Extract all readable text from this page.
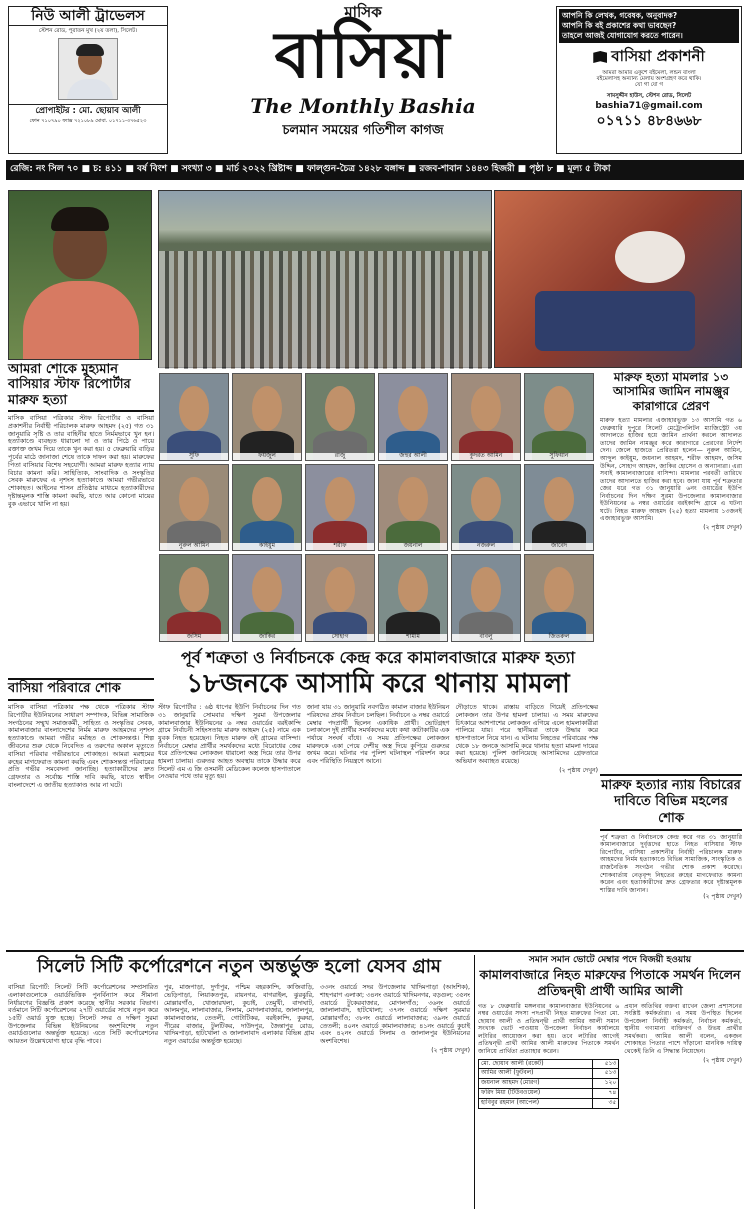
নিউ আলী ট্রাভেলস
স্টেশন রোড, পুরাতন মুখ (২য় তলা), সিলেট।
প্রোপাইটর : মো. ছোয়াব আলী
ফোন ৭১০৭৯০ ফ্যাক্স ৭২১০৮৯ মোবা. ০১৭১১-৩৭৬৫২৩
মাসিক
বাসিয়া
The Monthly Bashia
চলমান সময়ের গতিশীল কাগজ
আপনি কি লেখক, গবেষক, অনুবাদক?
আপনি কি বই প্রকাশের কথা ভাবছেন?
তাহলে আজই যোগাযোগ করতে পারেন।
বাসিয়া প্রকাশনী
আমরা আমার একুশে বইমেলা, লন্ডন বাংলা
বইমেলাসহ অন্যান্য মেলায় অংশগ্রহণ করে থাকি।
যো গা যো গ
সামসুদ্দীন হাউস, স্টেশন রোড, সিলেট
bashia71@gmail.com
০১৭১১ ৪৮৪৬৬৮
রেজি: নং সিল ৭০ ■ চ: ৪১১ ■ বর্ষ বিংশ ■ সংখ্যা ৩ ■ মার্চ ২০২২ খ্রিষ্টাব্দ ■ ফাল্গুন-চৈত্র ১৪২৮ বঙ্গাব্দ ■ রজব-শাবান ১৪৪৩ হিজরী ■ পৃষ্ঠা ৮ ■ মূল্য ৫ টাকা
আমরা শোকে মুহ্যমান বাসিয়ার স্টাফ রিপোর্টার মারুফ হত্যা
মাসিক বাসিয়া পত্রিকার স্টাফ রিপোর্টার ও বাসিয়া প্রকাশনীর নির্বাহী পরিচালক মারুফ আহমদ (২৫) গত ৩১ জানুয়ারি সৃষ্টি ও তার বাহিনীর হাতে নির্মমভাবে খুন হন। হত্যাকাণ্ডে ব্যবহৃত ধারালো দা ও তার পিঠে ও পায়ে রক্তাক্ত জখম দিয়ে তাকে খুন করা হয়। ৫ ফেব্রুয়ারি বাড়ির পূর্বের মাঠে জানাজা শেষে তাকে দাফন করা হয়। মারুফের পিতা বাসিয়ার বিশেষ সহযোগী। আমরা মারুফ হত্যার ন্যায় বিচার কামনা করি। সাহিত্যিক, সাংবাদিক ও সংস্কৃতির সেবক মারুফের এ নৃশংস হত্যাকাণ্ডে আমরা গভীরভাবে শোকাহত। আইনের শাসন প্রতিষ্ঠার মাধ্যমে হত্যাকারীদের দৃষ্টান্তমূলক শাস্তি কামনা করছি, যাতে আর কোনো মায়ের বুক এভাবে খালি না হয়।
বাসিয়া পরিবারে শোক
মাসিক বাসিয়া পত্রিকার পক্ষ থেকে পত্রিকার স্টাফ রিপোর্টার ইউনিয়নের সাধারণ সম্পাদক, বিভিন্ন সামাজিক সংগঠনের সম্মুখ সমাজকর্মী, সাহিত্য ও সংস্কৃতির সেবক, কামালবাজার বাংলাদেশের নির্মম মারুফ আহমদের নৃশংস হত্যাকাণ্ডে আমরা গভীর মর্মাহত ও শোকসন্তপ্ত। শিল্প জীবনের শুরু থেকে নিবেদিত এ তরুণের অকাল মৃত্যুতে বাসিয়া পরিবার গভীরভাবে শোকাহত। আমরা মরহুমের রুহের মাগফেরাত কামনা করছি এবং শোকসন্তপ্ত পরিবারের প্রতি গভীর সমবেদনা জানাচ্ছি। হত্যাকারীদের দ্রুত গ্রেফতার ও সর্বোচ্চ শাস্তি দাবি করছি, যাতে স্বাধীন বাংলাদেশে এ জাতীয় হত্যাকাণ্ড আর না ঘটে।
সুফি	ফয়জুল	রাজু	জহুর আলী	কুদরত আমিন	সুফিয়ান
নুরুল আমিন	কাইয়ুম	শরীফ	জয়নাল	নজরুল	জাবেদ
জসিম	জাকির	সোহাগ	শামীম	বাবলু	জিতরুল
মারুফ হত্যা মামলার ১৩ আসামির জামিন নামঞ্জুর কারাগারে প্রেরণ
মারুফ হত্যা মামলার এজাহারভুক্ত ১৩ আসামি গত ৬ ফেব্রুয়ারি দুপুরে সিলেট মেট্রোপলিটন ম্যাজিস্ট্রেট ৩য় আদালতে হাজির হয়ে জামিন প্রার্থনা করলে আদালত তাদের জামিন নামঞ্জুর করে কারাগারে প্রেরণের নির্দেশ দেন। জেলে হাজতে প্রেরিতরা হলেন— নুরুল আমিন, আব্দুল কাইয়ুম, জয়নাল আহমদ, শরীফ আহমদ, জসিম উদ্দিন, সোহাগ আহমদ, জাকির হোসেন ও অন্যান্যরা। এরা সবাই কামালবাজারের বাসিন্দা। মামলার পরবর্তী তারিখে তাদের আদালতে হাজির করা হবে। জানা যায় পূর্ব শত্রুতার জের ধরে গত ৩১ জানুয়ারি ৬নং ওয়ার্ডের ইউপি নির্বাচনের দিন দক্ষিণ সুরমা উপজেলার কামালবাজার ইউনিয়নের ৬ নম্বর ওয়ার্ডের বরইকান্দি গ্রামে এ ঘটনা ঘটে। নিহত মারুফ আহমদ (২৫) হত্যা মামলায় ১৩জনই এজাহারভুক্ত আসামি।
(২ পৃষ্ঠায় দেখুন)
মারুফ হত্যার ন্যায় বিচারের দাবিতে বিভিন্ন মহলের শোক
পূর্ব শত্রুতা ও নির্বাচনকে কেন্দ্র করে গত ৩১ জানুয়ারি কামালবাজারে দুর্বৃত্তদের হাতে নিহত বাসিয়ার স্টাফ রিপোর্টার, বাসিয়া প্রকাশনীর নির্বাহী পরিচালক মারুফ আহমদের নির্মম হত্যাকাণ্ডে বিভিন্ন সামাজিক, সাংস্কৃতিক ও রাজনৈতিক সংগঠন গভীর শোক প্রকাশ করেছে। শোকবার্তায় নেতৃবৃন্দ নিহতের রুহের মাগফেরাত কামনা করেন এবং হত্যাকারীদের দ্রুত গ্রেফতার করে দৃষ্টান্তমূলক শাস্তির দাবি জানান।
(২ পৃষ্ঠায় দেখুন)
পূর্ব শত্রুতা ও নির্বাচনকে কেন্দ্র করে কামালবাজারে মারুফ হত্যা
১৮জনকে আসামি করে থানায় মামলা
স্টাফ রিপোর্টার : ৬ষ্ঠ ধাপের ইউপি নির্বাচনের দিন গত ৩১ জানুয়ারি সোমবার দক্ষিণ সুরমা উপজেলার কামালবাজার ইউনিয়নের ৬ নম্বর ওয়ার্ডের বরইকান্দি গ্রামে নির্বাচনী সহিংসতায় মারুফ আহমদ (২৫) নামে এক যুবক নিহত হয়েছেন। নিহত মারুফ ওই গ্রামের বাসিন্দা। নির্বাচনে মেম্বার প্রার্থীর সমর্থকদের মধ্যে বিরোধের জের ধরে প্রতিপক্ষের লোকজন ধারালো অস্ত্র দিয়ে তার উপর হামলা চালায়। গুরুতর আহত অবস্থায় তাকে উদ্ধার করে সিলেট এম এ জি ওসমানী মেডিকেল কলেজ হাসপাতালে নেওয়ার পথে তার মৃত্যু হয়।
জানা যায় ৩১ জানুয়ারি নবগঠিত কামাল বাজার ইউনিয়ন পরিষদের প্রথম নির্বাচন চলছিল। নির্বাচনে ৬ নম্বর ওয়ার্ডে মেম্বার পদপ্রার্থী ছিলেন একাধিক প্রার্থী। ভোটগ্রহণ চলাকালে দুই প্রার্থীর সমর্থকদের মধ্যে কথা কাটাকাটির এক পর্যায়ে সংঘর্ষ বাঁধে। এ সময় প্রতিপক্ষের লোকজন মারুফকে একা পেয়ে দেশীয় অস্ত্র দিয়ে কুপিয়ে গুরুতর জখম করে। ঘটনার পর পুলিশ ঘটনাস্থল পরিদর্শন করে এবং পরিস্থিতি নিয়ন্ত্রণে আনে।
দৌড়াতে থাকে। রাস্তায় বাড়িতে গিয়েই প্রতিপক্ষের লোকজন তার উপর হামলা চালায়। এ সময় মারুফের চিৎকারে আশপাশের লোকজন এগিয়ে এলে হামলাকারীরা পালিয়ে যায়। পরে স্থানীয়রা তাকে উদ্ধার করে হাসপাতালে নিয়ে যান। এ ঘটনায় নিহতের পরিবারের পক্ষ থেকে ১৮ জনকে আসামি করে থানায় হত্যা মামলা দায়ের করা হয়েছে। পুলিশ জানিয়েছে আসামিদের গ্রেফতারে অভিযান অব্যাহত রয়েছে।
(২ পৃষ্ঠায় দেখুন)
সিলেট সিটি কর্পোরেশনে নতুন অন্তর্ভুক্ত হলো যেসব গ্রাম
বাসিয়া রিপোর্ট: সিলেট সিটি কর্পোরেশনের সম্প্রসারিত এলাকাগুলোকে ওয়ার্ডভিত্তিক পুনর্বিন্যাস করে সীমানা নির্ধারণের বিজ্ঞপ্তি প্রকাশ করেছে স্থানীয় সরকার বিভাগ। বর্তমানে সিটি কর্পোরেশনের ২৭টি ওয়ার্ডের সাথে নতুন করে ১৫টি ওয়ার্ড যুক্ত হচ্ছে। সিলেট সদর ও দক্ষিণ সুরমা উপজেলার বিভিন্ন ইউনিয়নের অংশবিশেষ নতুন ওয়ার্ডগুলোর অন্তর্ভুক্ত হয়েছে। এতে সিটি কর্পোরেশনের আয়তন উল্লেখযোগ্য হারে বৃদ্ধি পাবে।
পুর, মাজপাড়া, দুর্গাপুর, পশ্চিম বহরকান্দি, কাজিবাড়ি, ভেড়িপাড়া, লিয়াকতপুর, রায়নগর, বাগরাইল, ঝুরঝুরি, মোল্লারগাঁও, খোজারখলা, কুচাই, তেমুখী, বাদাঘাট, আলমপুর, লালাবাজার, সিলাম, মোগলাবাজার, জালালপুর, কামালবাজার, তেতলী, গোটাটিকর, বরইকান্দি, কুরুয়া, পীরের বাজার, টুলটিকর, দাউদপুর, জৈন্তাপুর রোড, খাদিমপাড়া, হাটখোলা ও জালালাবাদ এলাকার বিভিন্ন গ্রাম নতুন ওয়ার্ডের অন্তর্ভুক্ত হয়েছে।
৩৩নং ওয়ার্ডে সদর উপজেলার খাদিমপাড়া (আংশিক), শাহপরাণ এলাকা; ৩৪নং ওয়ার্ডে খাদিমনগর, বড়গুল; ৩৫নং ওয়ার্ডে টুকেরবাজার, মোগলগাঁও; ৩৬নং ওয়ার্ডে জালালাবাদ, হাটখোলা; ৩৭নং ওয়ার্ডে দক্ষিণ সুরমার মোল্লারগাঁও; ৩৮নং ওয়ার্ডে লালাবাজার; ৩৯নং ওয়ার্ডে তেতলী; ৪০নং ওয়ার্ডে কামালবাজার; ৪১নং ওয়ার্ডে কুচাই এবং ৪২নং ওয়ার্ডে সিলাম ও জালালপুর ইউনিয়নের অংশবিশেষ।
(২ পৃষ্ঠায় দেখুন)
সমান সমান ভোটে মেম্বার পদে বিজয়ী হওয়ায়
কামালবাজারে নিহত মারুফের পিতাকে সমর্থন দিলেন প্রতিদ্বন্দ্বী প্রার্থী আমির আলী
গত ৮ ফেব্রুয়ারি মঙ্গলবার কামালবাজার ইউনিয়নের ৬ নম্বর ওয়ার্ডের সদস্য পদপ্রার্থী নিহত মারুফের পিতা মো. ছোয়াব আলী ও প্রতিদ্বন্দ্বী প্রার্থী আমির আলী সমান সংখ্যক ভোট পাওয়ায় উপজেলা নির্বাচন কার্যালয়ে লটারির আয়োজন করা হয়। তবে লটারির আগেই প্রতিদ্বন্দ্বী প্রার্থী আমির আলী মারুফের পিতাকে সমর্থন জানিয়ে প্রার্থিতা প্রত্যাহার করেন।
মো. ছোয়াব আলী (রকেট)	৫১৩
আমির আলী (ফুটবল)	৫১৩
জয়নাল আহমদ (মোরগ)	১২০
ফরিদ মিয়া (টিউবওয়েল)	৭৪
হাবিবুর রহমান (আপেল)	৩৫
প্রধান অতিথির বক্তব্য রাখেন জেলা প্রশাসনের সংশ্লিষ্ট কর্মকর্তারা। এ সময় উপস্থিত ছিলেন উপজেলা নির্বাহী কর্মকর্তা, নির্বাচন কর্মকর্তা, স্থানীয় গণ্যমান্য ব্যক্তিবর্গ ও উভয় প্রার্থীর সমর্থকরা। আমির আলী বলেন, একজন শোকাহত পিতার পাশে দাঁড়ানো মানবিক দায়িত্ব থেকেই তিনি এ সিদ্ধান্ত নিয়েছেন।
(২ পৃষ্ঠায় দেখুন)
